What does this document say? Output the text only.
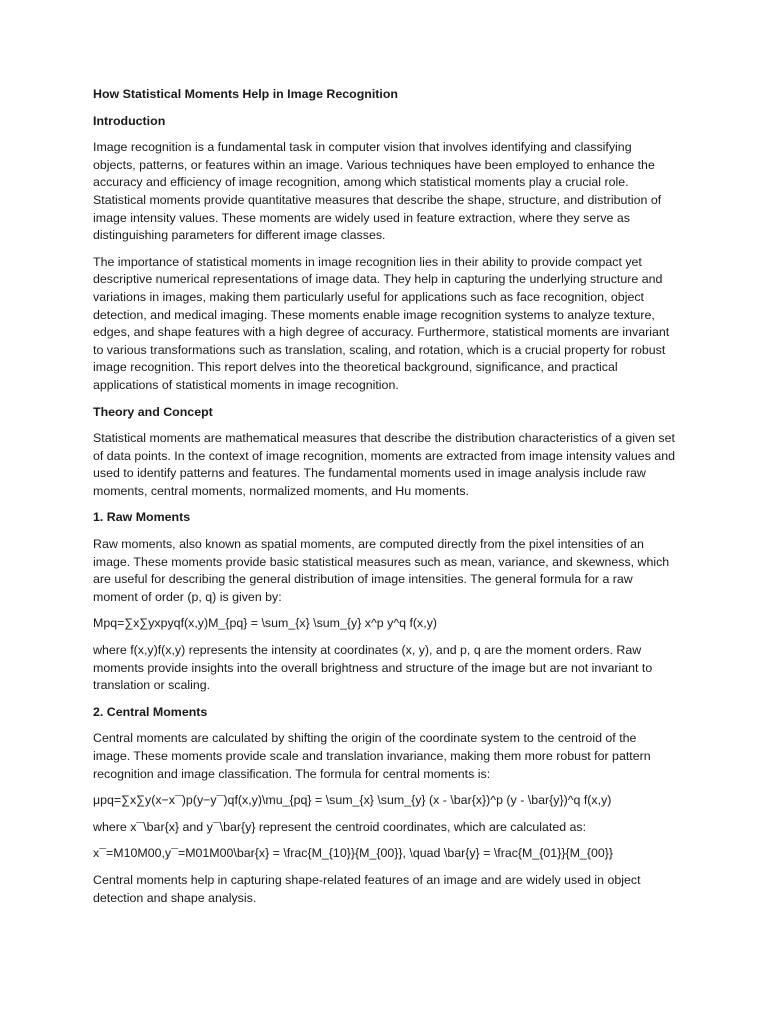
How Statistical Moments Help in Image Recognition

Introduction

Image recognition is a fundamental task in computer vision that involves identifying and classifying objects, patterns, or features within an image. Various techniques have been employed to enhance the accuracy and efficiency of image recognition, among which statistical moments play a crucial role. Statistical moments provide quantitative measures that describe the shape, structure, and distribution of image intensity values. These moments are widely used in feature extraction, where they serve as distinguishing parameters for different image classes.

The importance of statistical moments in image recognition lies in their ability to provide compact yet descriptive numerical representations of image data. They help in capturing the underlying structure and variations in images, making them particularly useful for applications such as face recognition, object detection, and medical imaging. These moments enable image recognition systems to analyze texture, edges, and shape features with a high degree of accuracy. Furthermore, statistical moments are invariant to various transformations such as translation, scaling, and rotation, which is a crucial property for robust image recognition. This report delves into the theoretical background, significance, and practical applications of statistical moments in image recognition.

Theory and Concept

Statistical moments are mathematical measures that describe the distribution characteristics of a given set of data points. In the context of image recognition, moments are extracted from image intensity values and used to identify patterns and features. The fundamental moments used in image analysis include raw moments, central moments, normalized moments, and Hu moments.

1. Raw Moments

Raw moments, also known as spatial moments, are computed directly from the pixel intensities of an image. These moments provide basic statistical measures such as mean, variance, and skewness, which are useful for describing the general distribution of image intensities. The general formula for a raw moment of order (p, q) is given by:

Mpq=∑x∑yxpyqf(x,y)M_{pq} = \sum_{x} \sum_{y} x^p y^q f(x,y)

where f(x,y)f(x,y) represents the intensity at coordinates (x, y), and p, q are the moment orders. Raw moments provide insights into the overall brightness and structure of the image but are not invariant to translation or scaling.

2. Central Moments

Central moments are calculated by shifting the origin of the coordinate system to the centroid of the image. These moments provide scale and translation invariance, making them more robust for pattern recognition and image classification. The formula for central moments is:

μpq=∑x∑y(x−x¯)p(y−y¯)qf(x,y)\mu_{pq} = \sum_{x} \sum_{y} (x - \bar{x})^p (y - \bar{y})^q f(x,y)

where x¯\bar{x} and y¯\bar{y} represent the centroid coordinates, which are calculated as:

x¯=M10M00,y¯=M01M00\bar{x} = \frac{M_{10}}{M_{00}}, \quad \bar{y} = \frac{M_{01}}{M_{00}}

Central moments help in capturing shape-related features of an image and are widely used in object detection and shape analysis.
